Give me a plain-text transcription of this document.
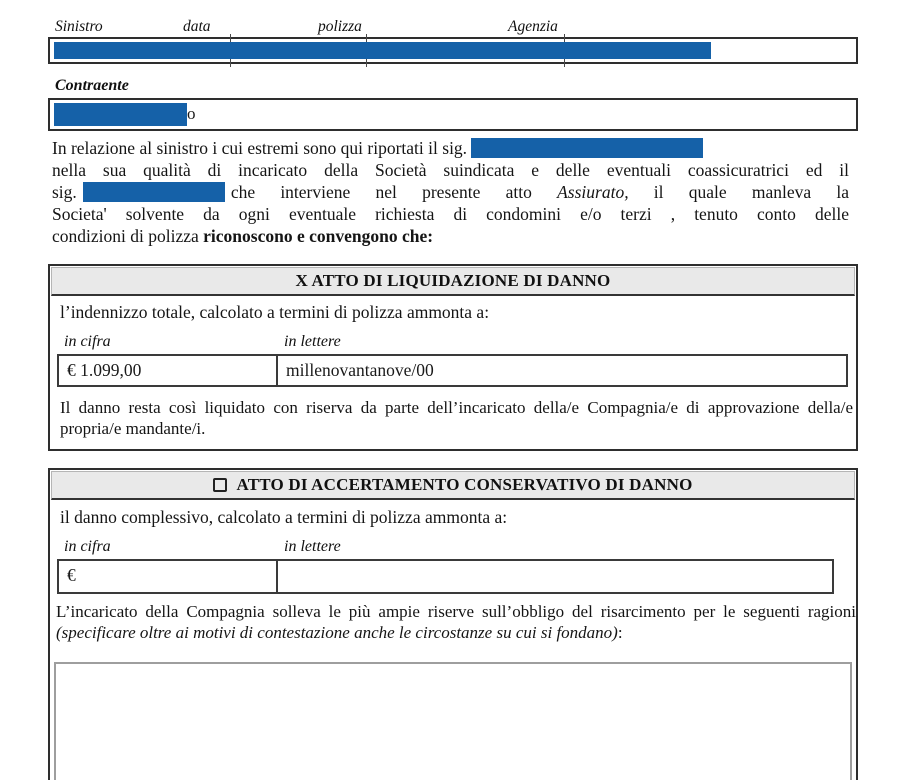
Sinistro	data	polizza	Agenzia
Contraente
o
In relazione al sinistro i cui estremi sono qui riportati il sig.
nella sua qualità di incaricato della Società suindicata e delle eventuali coassicuratrici ed il
sig.	che interviene nel presente atto Assiurato, il quale manleva la
Societa' solvente da ogni eventuale richiesta di condomini e/o terzi , tenuto conto delle
condizioni di polizza riconoscono e convengono che:
X ATTO DI LIQUIDAZIONE DI DANNO
l’indennizzo totale, calcolato a termini di polizza ammonta a:
in cifra	in lettere
€ 1.099,00	millenovantanove/00
Il danno resta così liquidato con riserva da parte dell’incaricato della/e Compagnia/e di approvazione della/e propria/e mandante/i.
ATTO DI ACCERTAMENTO CONSERVATIVO DI DANNO
il danno complessivo, calcolato a termini di polizza ammonta a:
in cifra	in lettere
€
L’incaricato della Compagnia solleva le più ampie riserve sull’obbligo del risarcimento per le seguenti ragioni (specificare oltre ai motivi di contestazione anche le circostanze su cui si fondano):
